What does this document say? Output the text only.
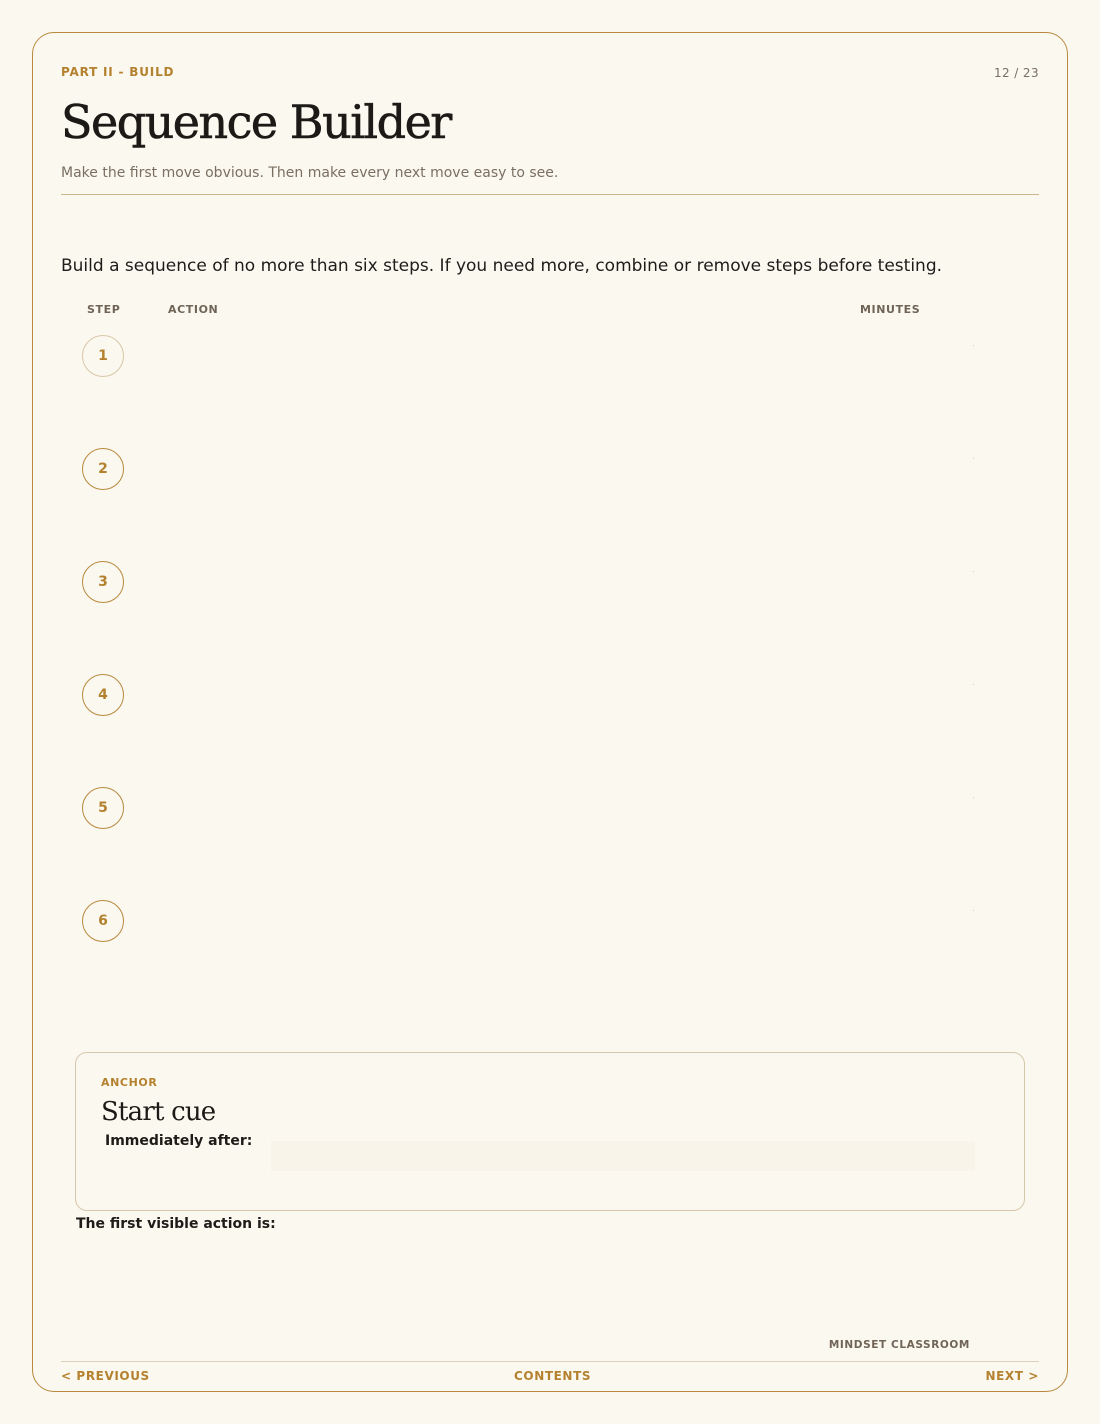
PART II - BUILD	12 / 23
Sequence Builder
Make the first move obvious. Then make every next move easy to see.
Build a sequence of no more than six steps. If you need more, combine or remove steps before testing.
STEP	ACTION	MINUTES
1
2
3
4
5
6
ANCHOR
Start cue
Immediately after:
The first visible action is:
MINDSET CLASSROOM
< PREVIOUS	CONTENTS	NEXT >
